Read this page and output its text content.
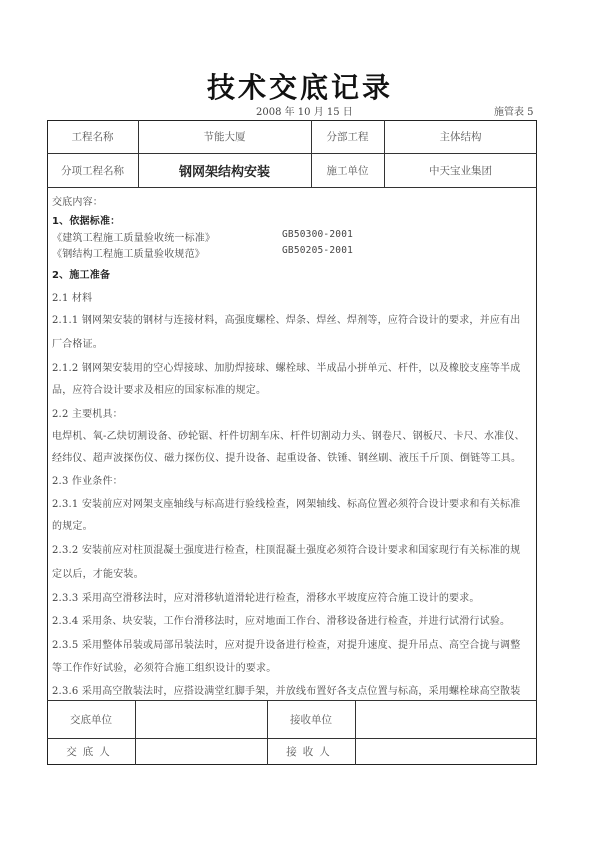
技术交底记录
2008 年 10 月 15 日	施管表 5
工程名称	节能大厦	分部工程	主体结构
分项工程名称	钢网架结构安装	施工单位	中天宝业集团
交底内容：
1、依据标准：
《建筑工程施工质量验收统一标准》	GB50300-2001
《钢结构工程施工质量验收规范》	GB50205-2001
2、施工准备
2.1 材料
2.1.1 钢网架安装的钢材与连接材料，高强度螺栓、焊条、焊丝、焊剂等，应符合设计的要求，并应有出
厂合格证。
2.1.2 钢网架安装用的空心焊接球、加肋焊接球、螺栓球、半成品小拼单元、杆件，以及橡胶支座等半成
品，应符合设计要求及相应的国家标准的规定。
2.2 主要机具：
电焊机、氧-乙炔切割设备、砂轮锯、杆件切割车床、杆件切割动力头、钢卷尺、钢板尺、卡尺、水准仪、
经纬仪、超声波探伤仪、磁力探伤仪、提升设备、起重设备、铁锤、钢丝刷、液压千斤顶、倒链等工具。
2.3 作业条件：
2.3.1 安装前应对网架支座轴线与标高进行验线检查，网架轴线、标高位置必须符合设计要求和有关标准
的规定。
2.3.2 安装前应对柱顶混凝土强度进行检查，柱顶混凝土强度必须符合设计要求和国家现行有关标准的规
定以后，才能安装。
2.3.3 采用高空滑移法时，应对滑移轨道滑轮进行检查，滑移水平坡度应符合施工设计的要求。
2.3.4 采用条、块安装，工作台滑移法时，应对地面工作台、滑移设备进行检查，并进行试滑行试验。
2.3.5 采用整体吊装或局部吊装法时，应对提升设备进行检查，对提升速度、提升吊点、高空合拢与调整
等工作作好试验，必须符合施工组织设计的要求。
2.3.6 采用高空散装法时，应搭设满堂红脚手架，并放线布置好各支点位置与标高，采用螺栓球高空散装
交底单位	接收单位
交底人	接收人
